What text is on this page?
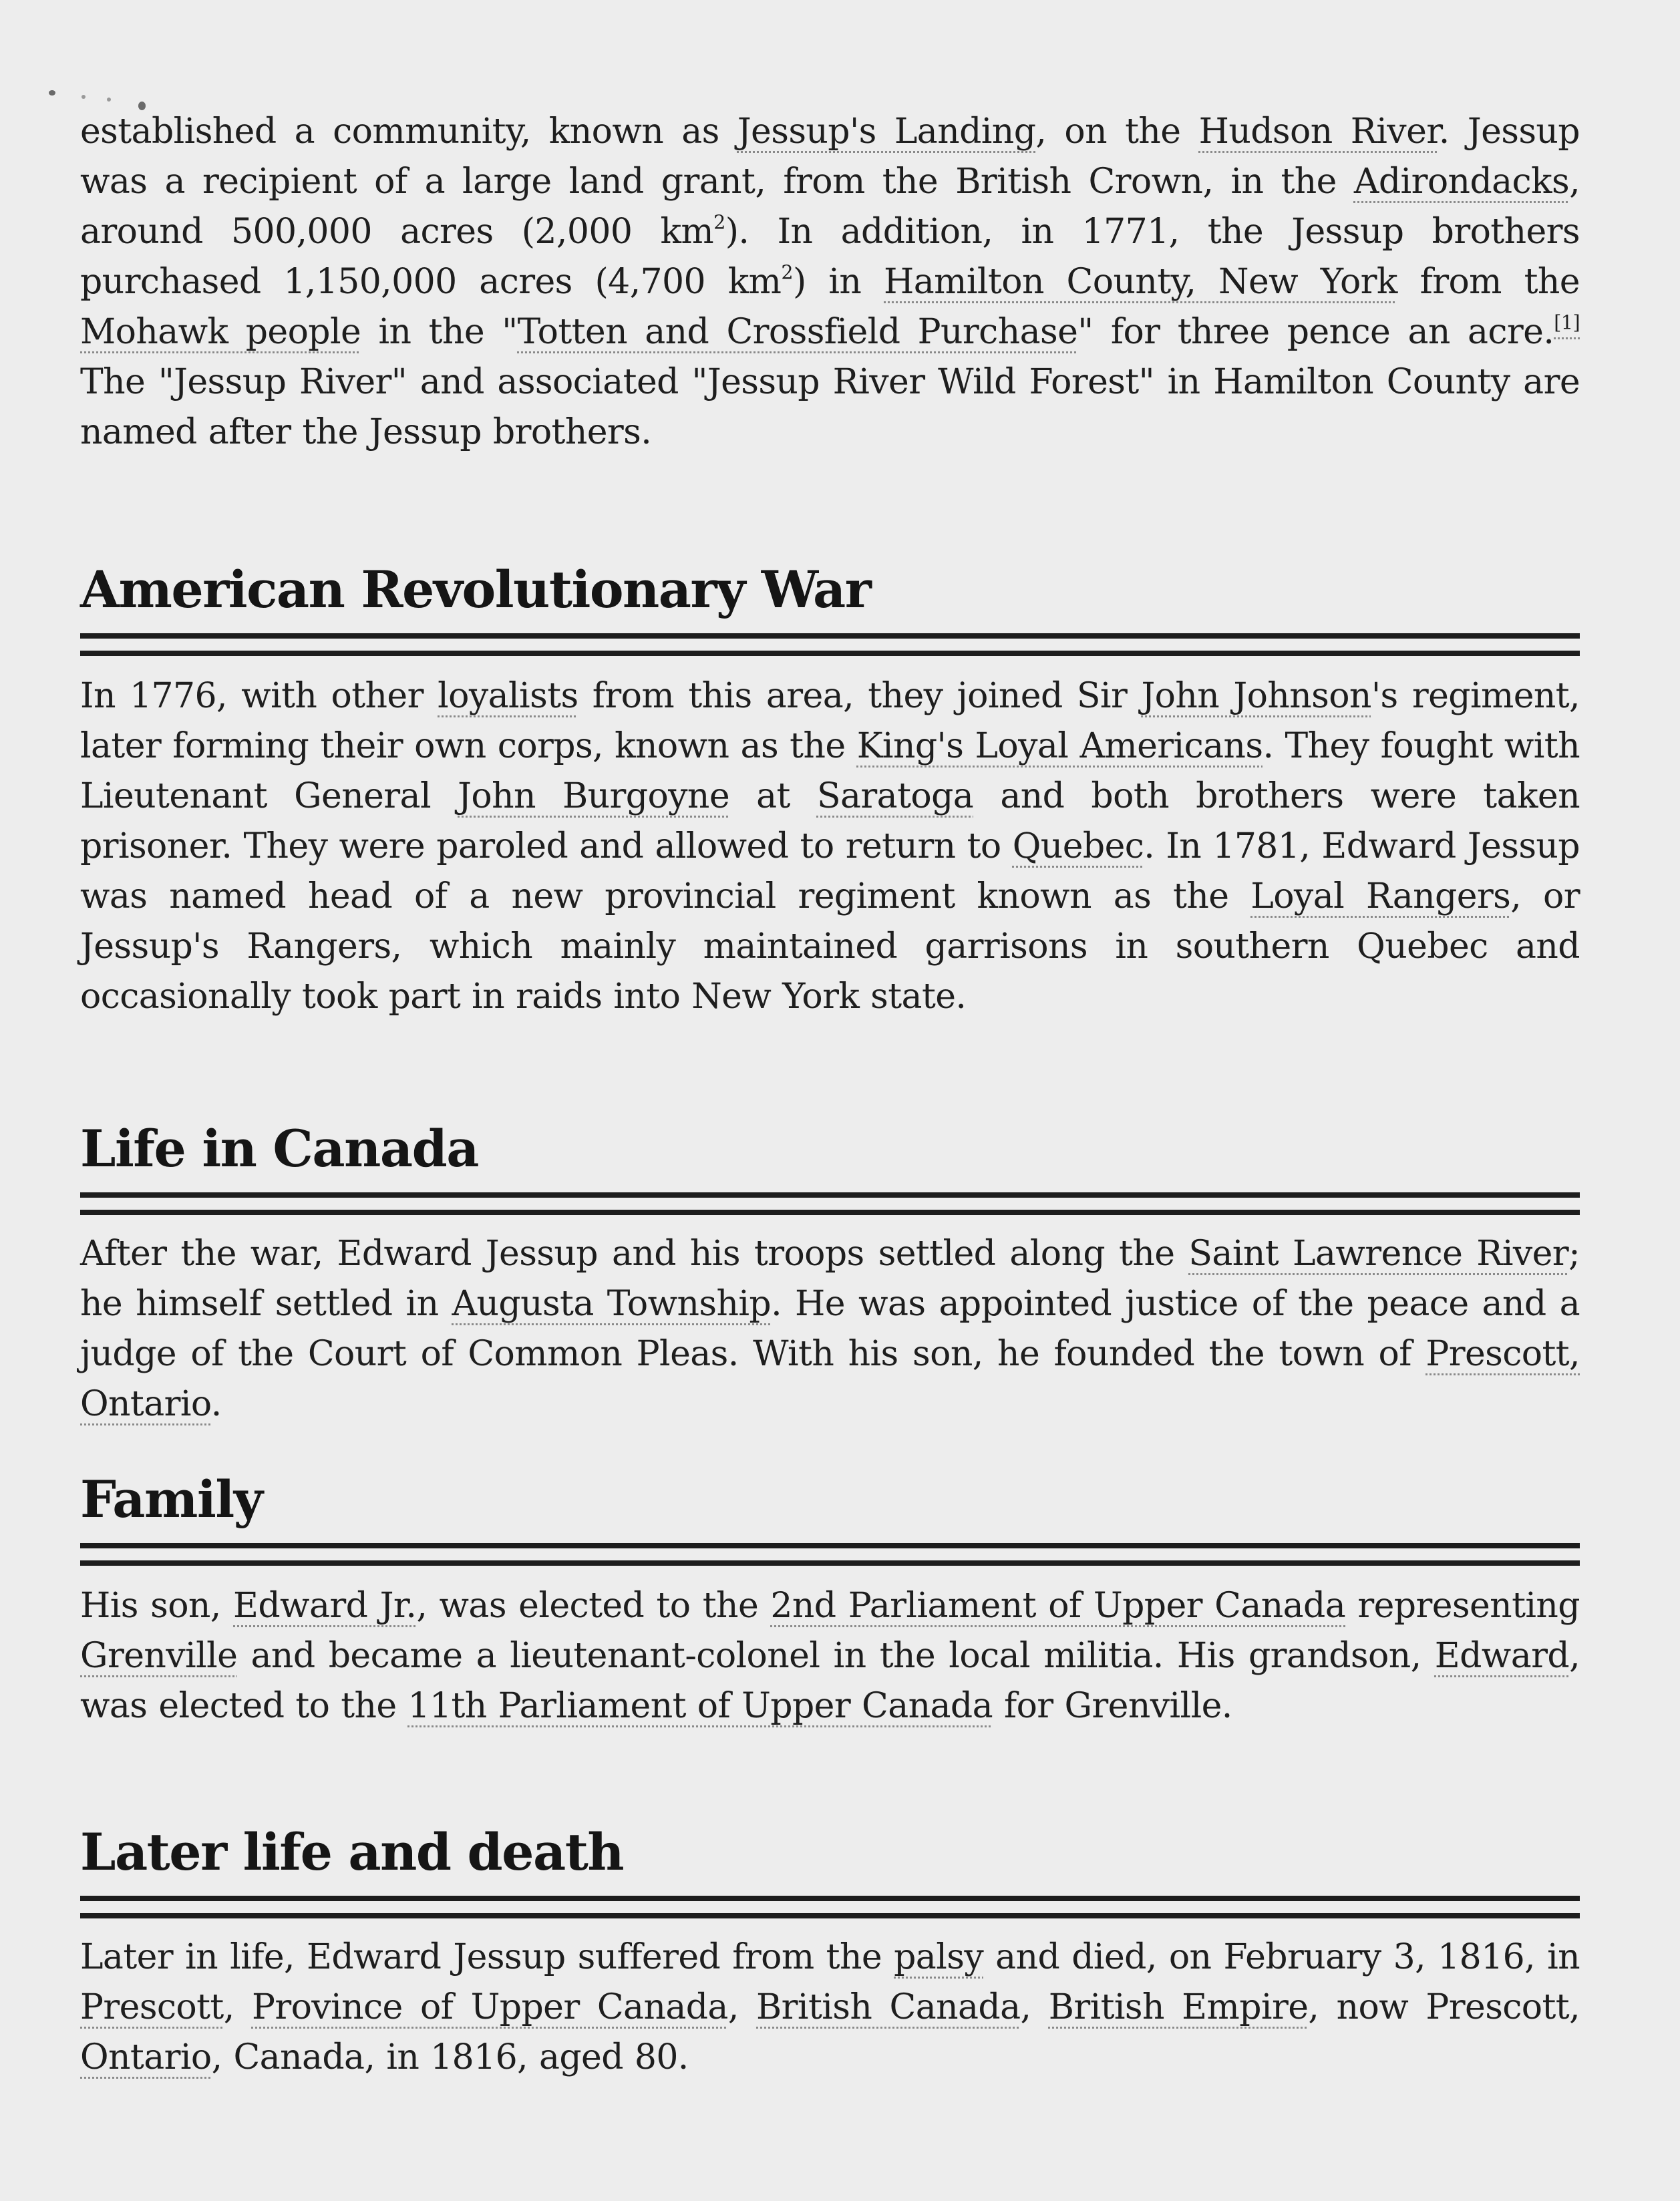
established a community, known as Jessup's Landing, on the Hudson River. Jessup was a recipient of a large land grant, from the British Crown, in the Adirondacks, around 500,000 acres (2,000 $km^2$). In addition, in 1771, the Jessup brothers purchased 1,150,000 acres (4,700 $km^2$) in Hamilton County, New York from the Mohawk people in the "Totten and Crossfield Purchase" for three pence an acre.[1] The "Jessup River" and associated "Jessup River Wild Forest" in Hamilton County are named after the Jessup brothers.

American Revolutionary War

In 1776, with other loyalists from this area, they joined Sir John Johnson's regiment, later forming their own corps, known as the King's Loyal Americans. They fought with Lieutenant General John Burgoyne at Saratoga and both brothers were taken prisoner. They were paroled and allowed to return to Quebec. In 1781, Edward Jessup was named head of a new provincial regiment known as the Loyal Rangers, or Jessup's Rangers, which mainly maintained garrisons in southern Quebec and occasionally took part in raids into New York state.

Life in Canada

After the war, Edward Jessup and his troops settled along the Saint Lawrence River; he himself settled in Augusta Township. He was appointed justice of the peace and a judge of the Court of Common Pleas. With his son, he founded the town of Prescott, Ontario.

Family

His son, Edward Jr., was elected to the 2nd Parliament of Upper Canada representing Grenville and became a lieutenant-colonel in the local militia. His grandson, Edward, was elected to the 11th Parliament of Upper Canada for Grenville.

Later life and death

Later in life, Edward Jessup suffered from the palsy and died, on February 3, 1816, in Prescott, Province of Upper Canada, British Canada, British Empire, now Prescott, Ontario, Canada, in 1816, aged 80.
